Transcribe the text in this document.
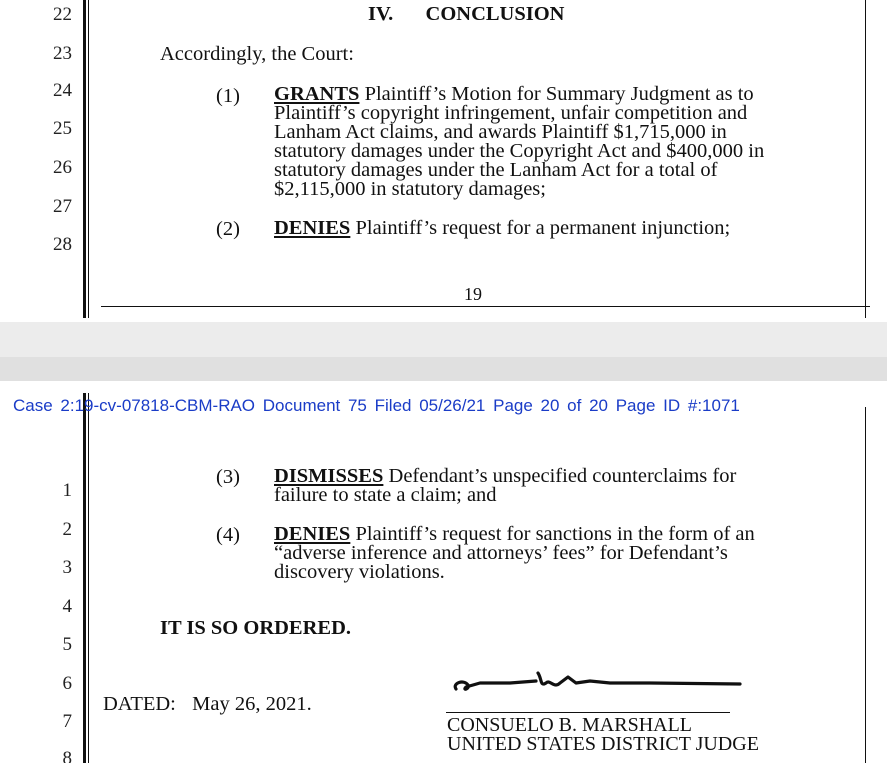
22
23
24
25
26
27
28
IV. CONCLUSION
Accordingly, the Court:
(1) GRANTS Plaintiff’s Motion for Summary Judgment as to
Plaintiff’s copyright infringement, unfair competition and
Lanham Act claims, and awards Plaintiff $1,715,000 in
statutory damages under the Copyright Act and $400,000 in
statutory damages under the Lanham Act for a total of
$2,115,000 in statutory damages;
(2) DENIES Plaintiff’s request for a permanent injunction;
19
1
2
3
4
5
6
7
8
(3) DISMISSES Defendant’s unspecified counterclaims for
failure to state a claim; and
(4) DENIES Plaintiff’s request for sanctions in the form of an
“adverse inference and attorneys’ fees” for Defendant’s
discovery violations.
IT IS SO ORDERED.
DATED: May 26, 2021.
CONSUELO B. MARSHALL
UNITED STATES DISTRICT JUDGE
Case 2:19-cv-07818-CBM-RAO Document 75 Filed 05/26/21 Page 20 of 20 Page ID #:1071
